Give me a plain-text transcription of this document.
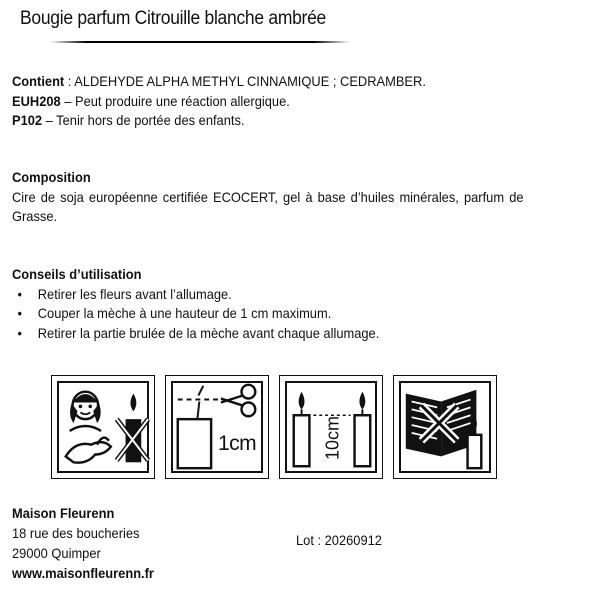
Bougie parfum Citrouille blanche ambrée
Contient : ALDEHYDE ALPHA METHYL CINNAMIQUE ; CEDRAMBER.
EUH208 – Peut produire une réaction allergique.
P102 – Tenir hors de portée des enfants.
Composition
Cire de soja européenne certifiée ECOCERT, gel à base d’huiles minérales, parfum de Grasse.
Conseils d’utilisation
• Retirer les fleurs avant l’allumage.
• Couper la mèche à une hauteur de 1 cm maximum.
• Retirer la partie brulée de la mèche avant chaque allumage.
1cm	10cm
Maison Fleurenn
18 rue des boucheries
29000 Quimper
www.maisonfleurenn.fr
Lot : 20260912
